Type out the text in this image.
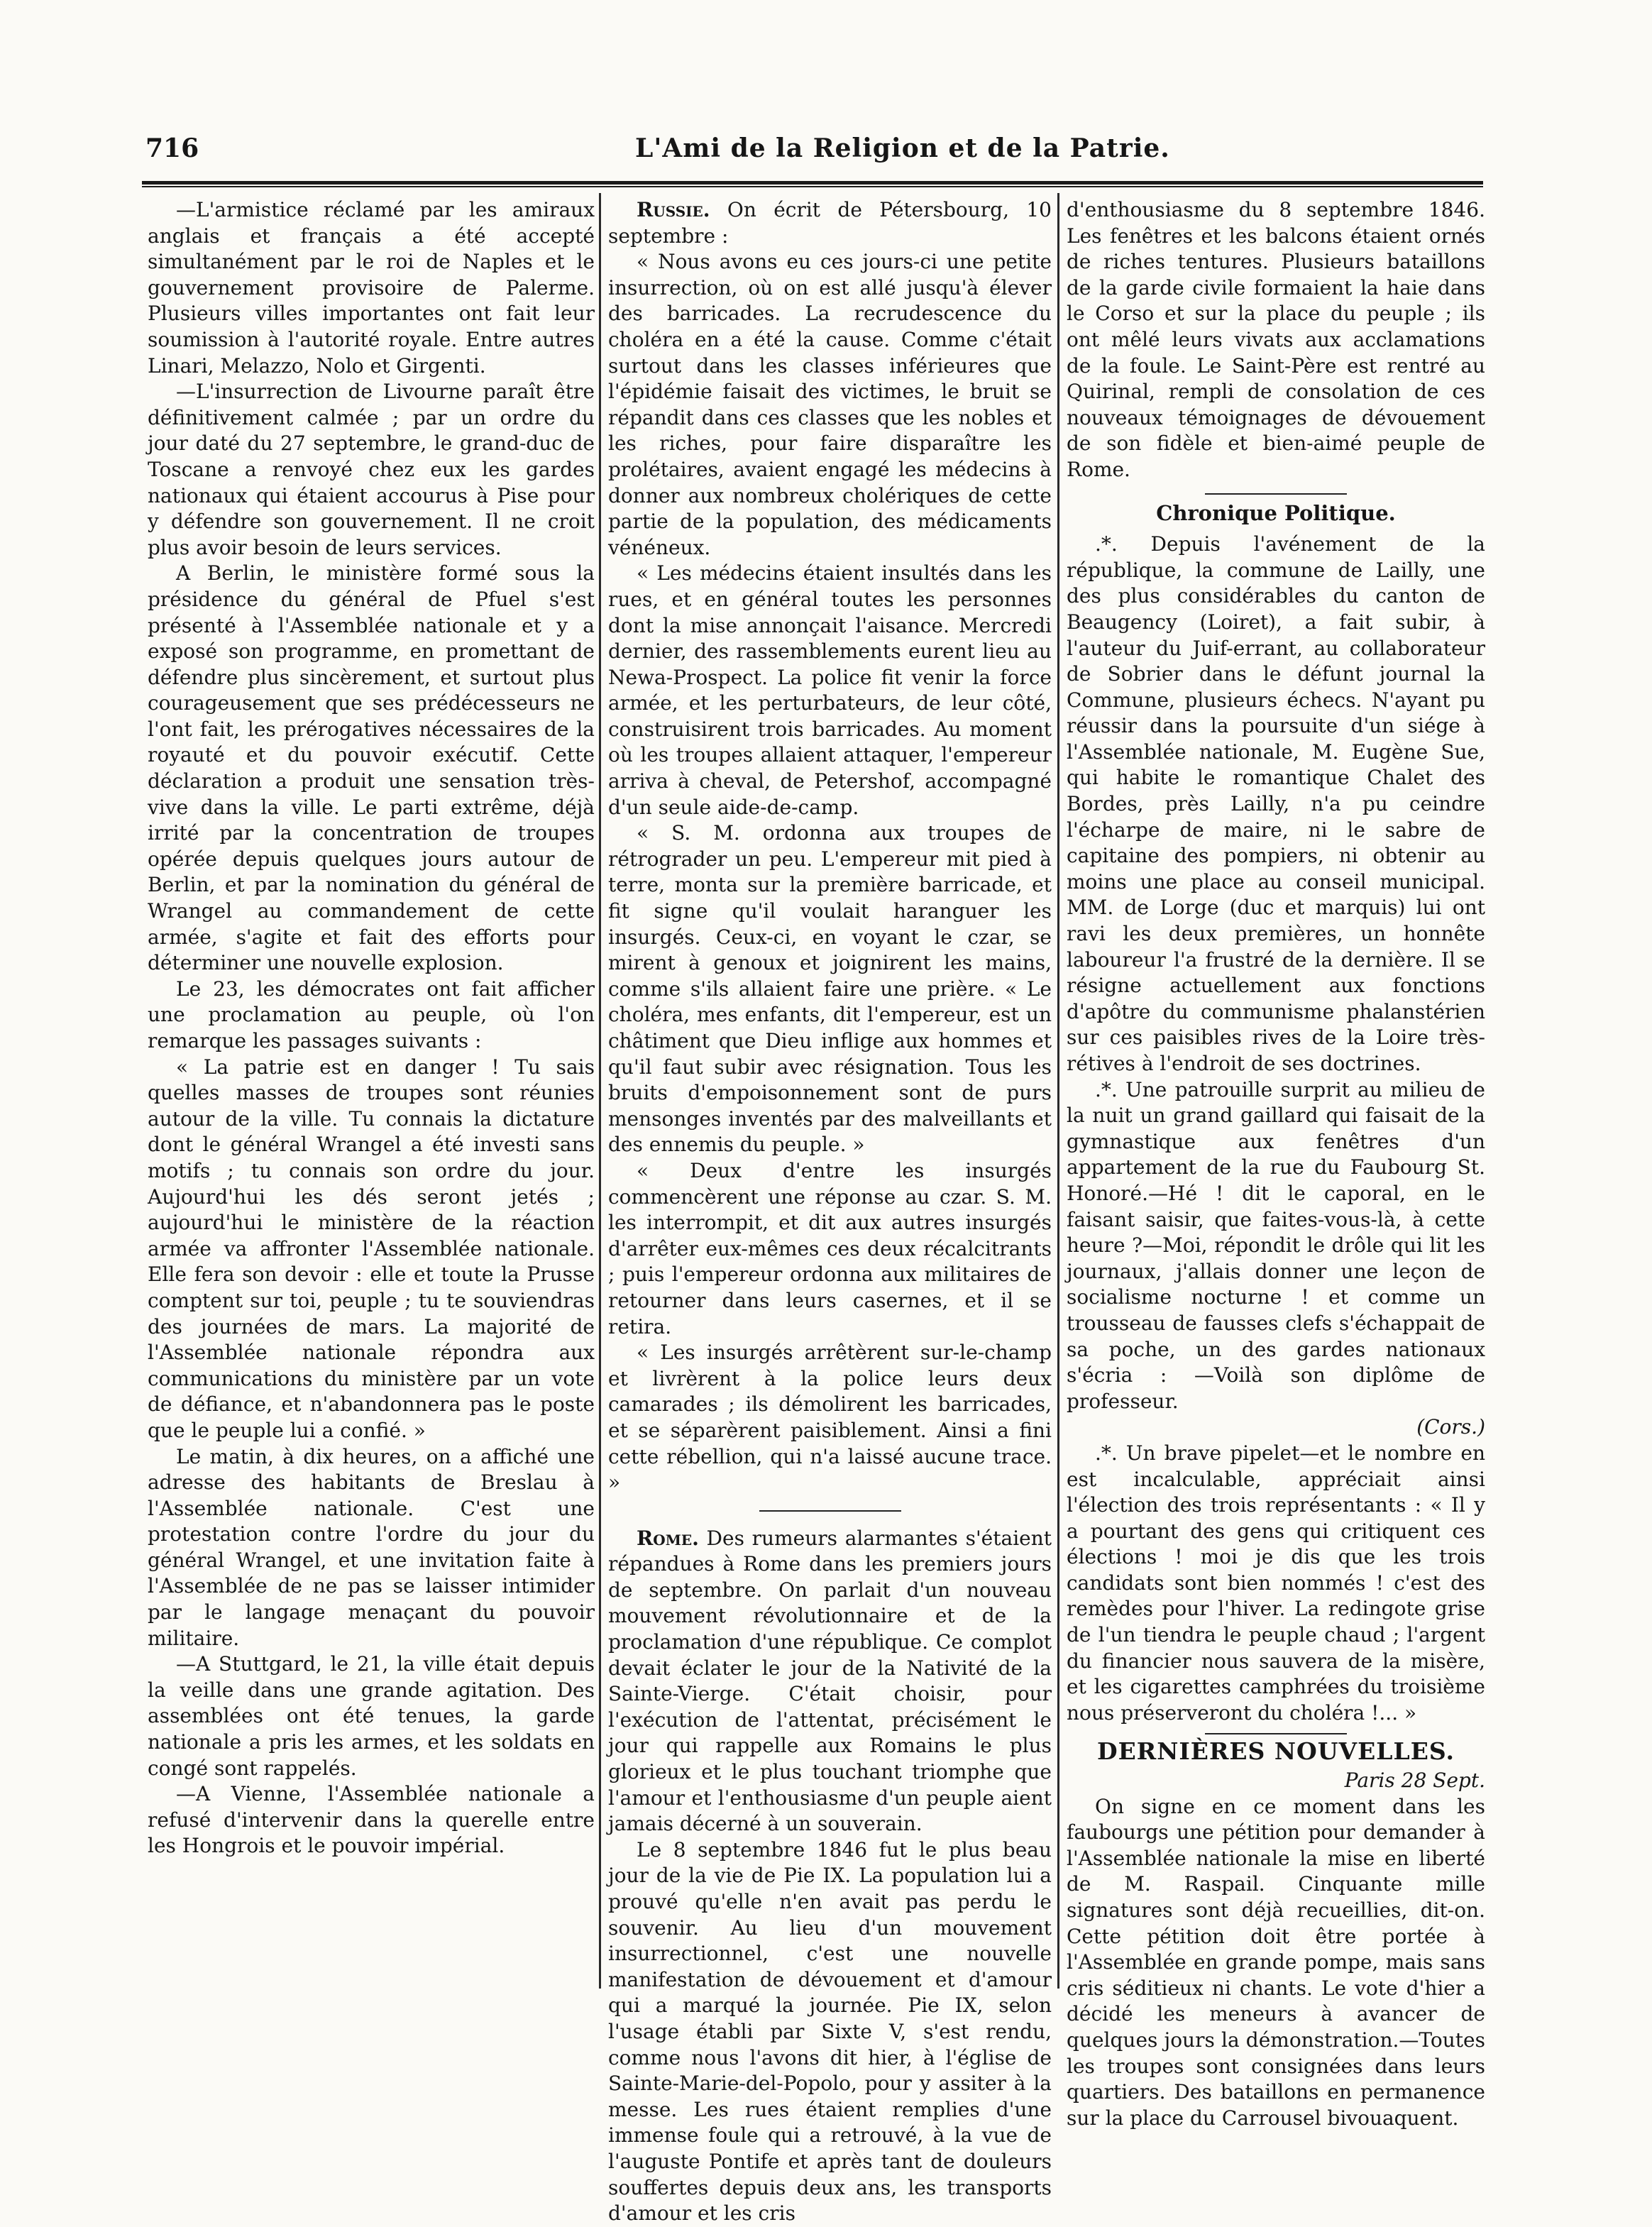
716	L'Ami de la Religion et de la Patrie.

—L'armistice réclamé par les amiraux anglais et français a été accepté simultanément par le roi de Naples et le gouvernement provisoire de Palerme. Plusieurs villes importantes ont fait leur soumission à l'autorité royale. Entre autres Linari, Melazzo, Nolo et Girgenti.

—L'insurrection de Livourne paraît être définitivement calmée ; par un ordre du jour daté du 27 septembre, le grand-duc de Toscane a renvoyé chez eux les gardes nationaux qui étaient accourus à Pise pour y défendre son gouvernement. Il ne croit plus avoir besoin de leurs services.

A Berlin, le ministère formé sous la présidence du général de Pfuel s'est présenté à l'Assemblée nationale et y a exposé son programme, en promettant de défendre plus sincèrement, et surtout plus courageusement que ses prédécesseurs ne l'ont fait, les prérogatives nécessaires de la royauté et du pouvoir exécutif. Cette déclaration a produit une sensation très-vive dans la ville. Le parti extrême, déjà irrité par la concentration de troupes opérée depuis quelques jours autour de Berlin, et par la nomination du général de Wrangel au commandement de cette armée, s'agite et fait des efforts pour déterminer une nouvelle explosion.

Le 23, les démocrates ont fait afficher une proclamation au peuple, où l'on remarque les passages suivants :

« La patrie est en danger ! Tu sais quelles masses de troupes sont réunies autour de la ville. Tu connais la dictature dont le général Wrangel a été investi sans motifs ; tu connais son ordre du jour. Aujourd'hui les dés seront jetés ; aujourd'hui le ministère de la réaction armée va affronter l'Assemblée nationale. Elle fera son devoir : elle et toute la Prusse comptent sur toi, peuple ; tu te souviendras des journées de mars. La majorité de l'Assemblée nationale répondra aux communications du ministère par un vote de défiance, et n'abandonnera pas le poste que le peuple lui a confié. »

Le matin, à dix heures, on a affiché une adresse des habitants de Breslau à l'Assemblée nationale. C'est une protestation contre l'ordre du jour du général Wrangel, et une invitation faite à l'Assemblée de ne pas se laisser intimider par le langage menaçant du pouvoir militaire.

—A Stuttgard, le 21, la ville était depuis la veille dans une grande agitation. Des assemblées ont été tenues, la garde nationale a pris les armes, et les soldats en congé sont rappelés.

—A Vienne, l'Assemblée nationale a refusé d'intervenir dans la querelle entre les Hongrois et le pouvoir impérial.

Russie. On écrit de Pétersbourg, 10 septembre :

« Nous avons eu ces jours-ci une petite insurrection, où on est allé jusqu'à élever des barricades. La recrudescence du choléra en a été la cause. Comme c'était surtout dans les classes inférieures que l'épidémie faisait des victimes, le bruit se répandit dans ces classes que les nobles et les riches, pour faire disparaître les prolétaires, avaient engagé les médecins à donner aux nombreux cholériques de cette partie de la population, des médicaments vénéneux.

« Les médecins étaient insultés dans les rues, et en général toutes les personnes dont la mise annonçait l'aisance. Mercredi dernier, des rassemblements eurent lieu au Newa-Prospect. La police fit venir la force armée, et les perturbateurs, de leur côté, construisirent trois barricades. Au moment où les troupes allaient attaquer, l'empereur arriva à cheval, de Petershof, accompagné d'un seule aide-de-camp.

« S. M. ordonna aux troupes de rétrograder un peu. L'empereur mit pied à terre, monta sur la première barricade, et fit signe qu'il voulait haranguer les insurgés. Ceux-ci, en voyant le czar, se mirent à genoux et joignirent les mains, comme s'ils allaient faire une prière. « Le choléra, mes enfants, dit l'empereur, est un châtiment que Dieu inflige aux hommes et qu'il faut subir avec résignation. Tous les bruits d'empoisonnement sont de purs mensonges inventés par des malveillants et des ennemis du peuple. »

« Deux d'entre les insurgés commencèrent une réponse au czar. S. M. les interrompit, et dit aux autres insurgés d'arrêter eux-mêmes ces deux récalcitrants ; puis l'empereur ordonna aux militaires de retourner dans leurs casernes, et il se retira.

« Les insurgés arrêtèrent sur-le-champ et livrèrent à la police leurs deux camarades ; ils démolirent les barricades, et se séparèrent paisiblement. Ainsi a fini cette rébellion, qui n'a laissé aucune trace. »

Rome. Des rumeurs alarmantes s'étaient répandues à Rome dans les premiers jours de septembre. On parlait d'un nouveau mouvement révolutionnaire et de la proclamation d'une république. Ce complot devait éclater le jour de la Nativité de la Sainte-Vierge. C'était choisir, pour l'exécution de l'attentat, précisément le jour qui rappelle aux Romains le plus glorieux et le plus touchant triomphe que l'amour et l'enthousiasme d'un peuple aient jamais décerné à un souverain.

Le 8 septembre 1846 fut le plus beau jour de la vie de Pie IX. La population lui a prouvé qu'elle n'en avait pas perdu le souvenir. Au lieu d'un mouvement insurrectionnel, c'est une nouvelle manifestation de dévouement et d'amour qui a marqué la journée. Pie IX, selon l'usage établi par Sixte V, s'est rendu, comme nous l'avons dit hier, à l'église de Sainte-Marie-del-Popolo, pour y assiter à la messe. Les rues étaient remplies d'une immense foule qui a retrouvé, à la vue de l'auguste Pontife et après tant de douleurs souffertes depuis deux ans, les transports d'amour et les cris

d'enthousiasme du 8 septembre 1846. Les fenêtres et les balcons étaient ornés de riches tentures. Plusieurs bataillons de la garde civile formaient la haie dans le Corso et sur la place du peuple ; ils ont mêlé leurs vivats aux acclamations de la foule. Le Saint-Père est rentré au Quirinal, rempli de consolation de ces nouveaux témoignages de dévouement de son fidèle et bien-aimé peuple de Rome.

Chronique Politique.

.*. Depuis l'avénement de la république, la commune de Lailly, une des plus considérables du canton de Beaugency (Loiret), a fait subir, à l'auteur du Juif-errant, au collaborateur de Sobrier dans le défunt journal la Commune, plusieurs échecs. N'ayant pu réussir dans la poursuite d'un siége à l'Assemblée nationale, M. Eugène Sue, qui habite le romantique Chalet des Bordes, près Lailly, n'a pu ceindre l'écharpe de maire, ni le sabre de capitaine des pompiers, ni obtenir au moins une place au conseil municipal. MM. de Lorge (duc et marquis) lui ont ravi les deux premières, un honnête laboureur l'a frustré de la dernière. Il se résigne actuellement aux fonctions d'apôtre du communisme phalanstérien sur ces paisibles rives de la Loire très-rétives à l'endroit de ses doctrines.

.*. Une patrouille surprit au milieu de la nuit un grand gaillard qui faisait de la gymnastique aux fenêtres d'un appartement de la rue du Faubourg St. Honoré.—Hé ! dit le caporal, en le faisant saisir, que faites-vous-là, à cette heure ?—Moi, répondit le drôle qui lit les journaux, j'allais donner une leçon de socialisme nocturne ! et comme un trousseau de fausses clefs s'échappait de sa poche, un des gardes nationaux s'écria : —Voilà son diplôme de professeur.

(Cors.)

.*. Un brave pipelet—et le nombre en est incalculable, appréciait ainsi l'élection des trois représentants : « Il y a pourtant des gens qui critiquent ces élections ! moi je dis que les trois candidats sont bien nommés ! c'est des remèdes pour l'hiver. La redingote grise de l'un tiendra le peuple chaud ; l'argent du financier nous sauvera de la misère, et les cigarettes camphrées du troisième nous préserveront du choléra !... »

DERNIÈRES NOUVELLES.
Paris 28 Sept.

On signe en ce moment dans les faubourgs une pétition pour demander à l'Assemblée nationale la mise en liberté de M. Raspail. Cinquante mille signatures sont déjà recueillies, dit-on. Cette pétition doit être portée à l'Assemblée en grande pompe, mais sans cris séditieux ni chants. Le vote d'hier a décidé les meneurs à avancer de quelques jours la démonstration.—Toutes les troupes sont consignées dans leurs quartiers. Des bataillons en permanence sur la place du Carrousel bivouaquent.
